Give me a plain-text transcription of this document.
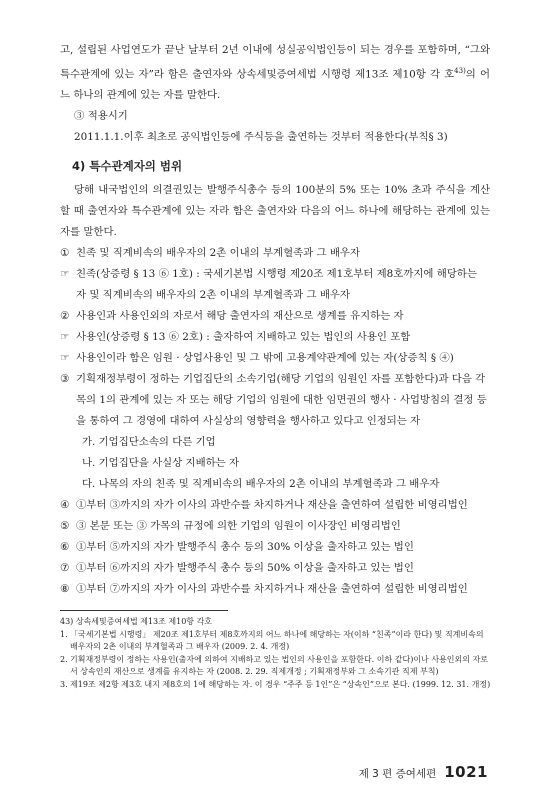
고, 설립된 사업연도가 끝난 날부터 2년 이내에 성실공익법인등이 되는 경우를 포함하며, “그와 특수관계에 있는 자”라 함은 출연자와 상속세및증여세법 시행령 제13조 제10항 각 호$^{43)}$의 어느 하나의 관계에 있는 자를 말한다.

③ 적용시기

2011.1.1.이후 최초로 공익법인등에 주식등을 출연하는 것부터 적용한다(부칙§ 3)

4) 특수관계자의 범위

당해 내국법인의 의결권있는 발행주식총수 등의 100분의 5% 또는 10% 초과 주식을 계산할 때 출연자와 특수관계에 있는 자라 함은 출연자와 다음의 어느 하나에 해당하는 관계에 있는 자를 말한다.

① 친족 및 직계비속의 배우자의 2촌 이내의 부계혈족과 그 배우자
☞ 친족(상증령 § 13 ⑥ 1호) : 국세기본법 시행령 제20조 제1호부터 제8호까지에 해당하는 자 및 직계비속의 배우자의 2촌 이내의 부계혈족과 그 배우자
② 사용인과 사용인외의 자로서 해당 출연자의 재산으로 생계를 유지하는 자
☞ 사용인(상증령 § 13 ⑥ 2호) : 출자하여 지배하고 있는 법인의 사용인 포함
☞ 사용인이라 함은 임원 · 상업사용인 및 그 밖에 고용계약관계에 있는 자(상증칙 § ④)
③ 기획재정부령이 정하는 기업집단의 소속기업(해당 기업의 임원인 자를 포함한다)과 다음 각 목의 1의 관계에 있는 자 또는 해당 기업의 임원에 대한 임면권의 행사 · 사업방침의 결정 등을 통하여 그 경영에 대하여 사실상의 영향력을 행사하고 있다고 인정되는 자
가. 기업집단소속의 다른 기업
나. 기업집단을 사실상 지배하는 자
다. 나목의 자의 친족 및 직계비속의 배우자의 2촌 이내의 부계혈족과 그 배우자
④ ①부터 ③까지의 자가 이사의 과반수를 차지하거나 재산을 출연하여 설립한 비영리법인
⑤ ③ 본문 또는 ③ 가목의 규정에 의한 기업의 임원이 이사장인 비영리법인
⑥ ①부터 ⑤까지의 자가 발행주식 총수 등의 30% 이상을 출자하고 있는 법인
⑦ ①부터 ⑥까지의 자가 발행주식 총수 등의 50% 이상을 출자하고 있는 법인
⑧ ①부터 ⑦까지의 자가 이사의 과반수를 차지하거나 재산을 출연하여 설립한 비영리법인
43) 상속세및증여세법 제13조 제10항 각호
1. 「국세기본법 시행령」 제20조 제1호부터 제8호까지의 어느 하나에 해당하는 자(이하 “친족”이라 한다) 및 직계비속의 배우자의 2촌 이내의 부계혈족과 그 배우자 (2009. 2. 4. 개정)
2. 기획재정부령이 정하는 사용인(출자에 의하여 지배하고 있는 법인의 사용인을 포함한다. 이하 같다)이나 사용인외의 자로서 상속인의 재산으로 생계를 유지하는 자 (2008. 2. 29. 직제개정 ; 기획재정부와 그 소속기관 직제 부칙)
3. 제19조 제2항 제3호 내지 제8호의 1에 해당하는 자. 이 경우 “주주 등 1인”은 “상속인”으로 본다. (1999. 12. 31. 개정)
제 3 편 증여세편 1021
